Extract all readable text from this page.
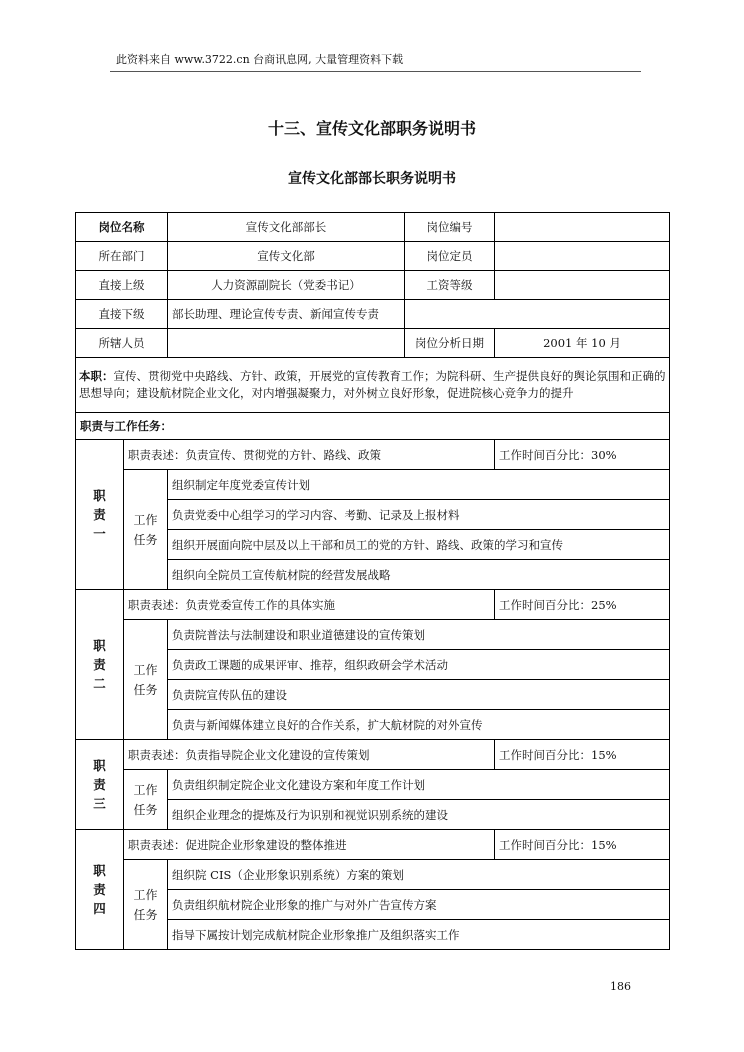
此资料来自 www.3722.cn 台商讯息网, 大量管理资料下载
十三、宣传文化部职务说明书
宣传文化部部长职务说明书
岗位名称		宣传文化部部长	岗位编号	
所在部门		宣传文化部	岗位定员	
直接上级		人力资源副院长（党委书记）	工资等级	
直接下级		部长助理、理论宣传专责、新闻宣传专责		
所辖人员			岗位分析日期	2001 年 10 月
本职：宣传、贯彻党中央路线、方针、政策，开展党的宣传教育工作；为院科研、生产提供良好的舆论氛围和正确的思想导向；建设航材院企业文化，对内增强凝聚力，对外树立良好形象，促进院核心竞争力的提升				
职责与工作任务：				

职
责
一	职责表述：负责宣传、贯彻党的方针、路线、政策			工作时间百分比：30%

	工作
任务	组织制定年度党委宣传计划		
		负责党委中心组学习的学习内容、考勤、记录及上报材料		
		组织开展面向院中层及以上干部和员工的党的方针、路线、政策的学习和宣传		
		组织向全院员工宣传航材院的经营发展战略		

职
责
二	职责表述：负责党委宣传工作的具体实施			工作时间百分比：25%

	工作
任务	负责院普法与法制建设和职业道德建设的宣传策划		
		负责政工课题的成果评审、推荐，组织政研会学术活动		
		负责院宣传队伍的建设		
		负责与新闻媒体建立良好的合作关系，扩大航材院的对外宣传		

职
责
三	职责表述：负责指导院企业文化建设的宣传策划			工作时间百分比：15%

	工作
任务	负责组织制定院企业文化建设方案和年度工作计划		
		组织企业理念的提炼及行为识别和视觉识别系统的建设		

职
责
四	职责表述：促进院企业形象建设的整体推进			工作时间百分比：15%

	工作
任务	组织院 CIS（企业形象识别系统）方案的策划		
		负责组织航材院企业形象的推广与对外广告宣传方案		
		指导下属按计划完成航材院企业形象推广及组织落实工作		
186
